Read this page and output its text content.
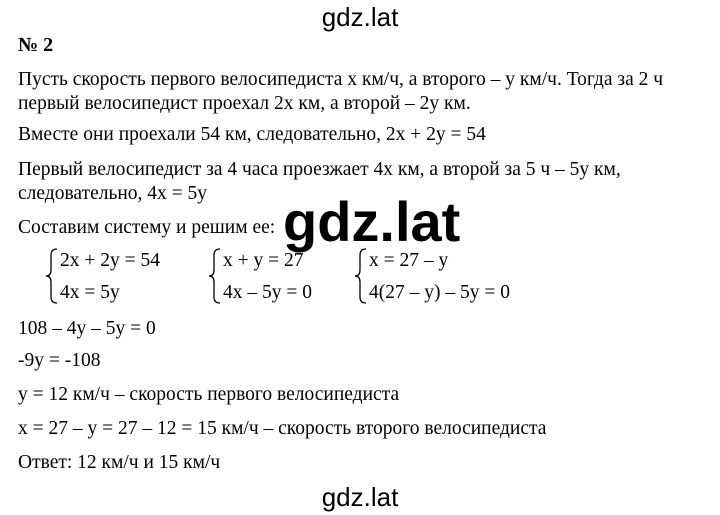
gdz.lat
№ 2
Пусть скорость первого велосипедиста x км/ч, а второго – y км/ч. Тогда за 2 ч
первый велосипедист проехал 2x км, а второй – 2y км.
Вместе они проехали 54 км, следовательно, 2x + 2y = 54
Первый велосипедист за 4 часа проезжает 4x км, а второй за 5 ч – 5y км,
следовательно, 4x = 5y
Составим систему и решим ее:
2x + 2y = 54
4x = 5y
x + y = 27
4x – 5y = 0
x = 27 – y
4(27 – y) – 5y = 0
108 – 4y – 5y = 0
-9y = -108
y = 12 км/ч – скорость первого велосипедиста
x = 27 – y = 27 – 12 = 15 км/ч – скорость второго велосипедиста
Ответ: 12 км/ч и 15 км/ч
gdz.lat
gdz.lat
